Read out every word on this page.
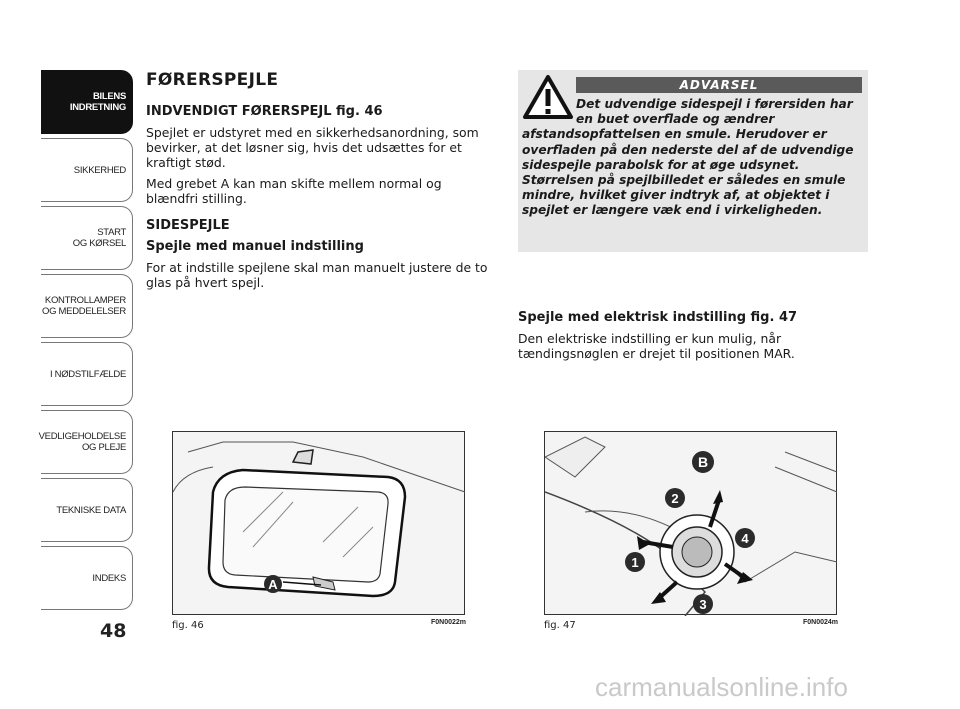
BILENS
INDRETNING
SIKKERHED
START
OG KØRSEL
KONTROLLAMPER
OG MEDDELELSER
I NØDSTILFÆLDE
VEDLIGEHOLDELSE
OG PLEJE
TEKNISKE DATA
INDEKS
48
FØRERSPEJLE
INDVENDIGT FØRERSPEJL fig. 46

Spejlet er udstyret med en sikkerhedsanordning, som bevirker, at det løsner sig, hvis det udsættes for et kraftigt stød.

Med grebet A kan man skifte mellem normal og blændfri stilling.

SIDESPEJLE
Spejle med manuel indstilling

For at indstille spejlene skal man manuelt justere de to glas på hvert spejl.

ADVARSEL
Det udvendige sidespejl i førersiden har en buet overflade og ændrer
afstandsopfattelsen en smule. Herudover er overfladen på den nederste del af de udvendige sidespejle parabolsk for at øge udsynet. Størrelsen på spejlbilledet er således en smule mindre, hvilket giver indtryk af, at objektet i spejlet er længere væk end i virkeligheden.
Spejle med elektrisk indstilling fig. 47

Den elektriske indstilling er kun mulig, når tændingsnøglen er drejet til positionen MAR.

A
fig. 46	F0N0022m
B
2
1
3
4
fig. 47	F0N0024m
carmanualsonline.info
